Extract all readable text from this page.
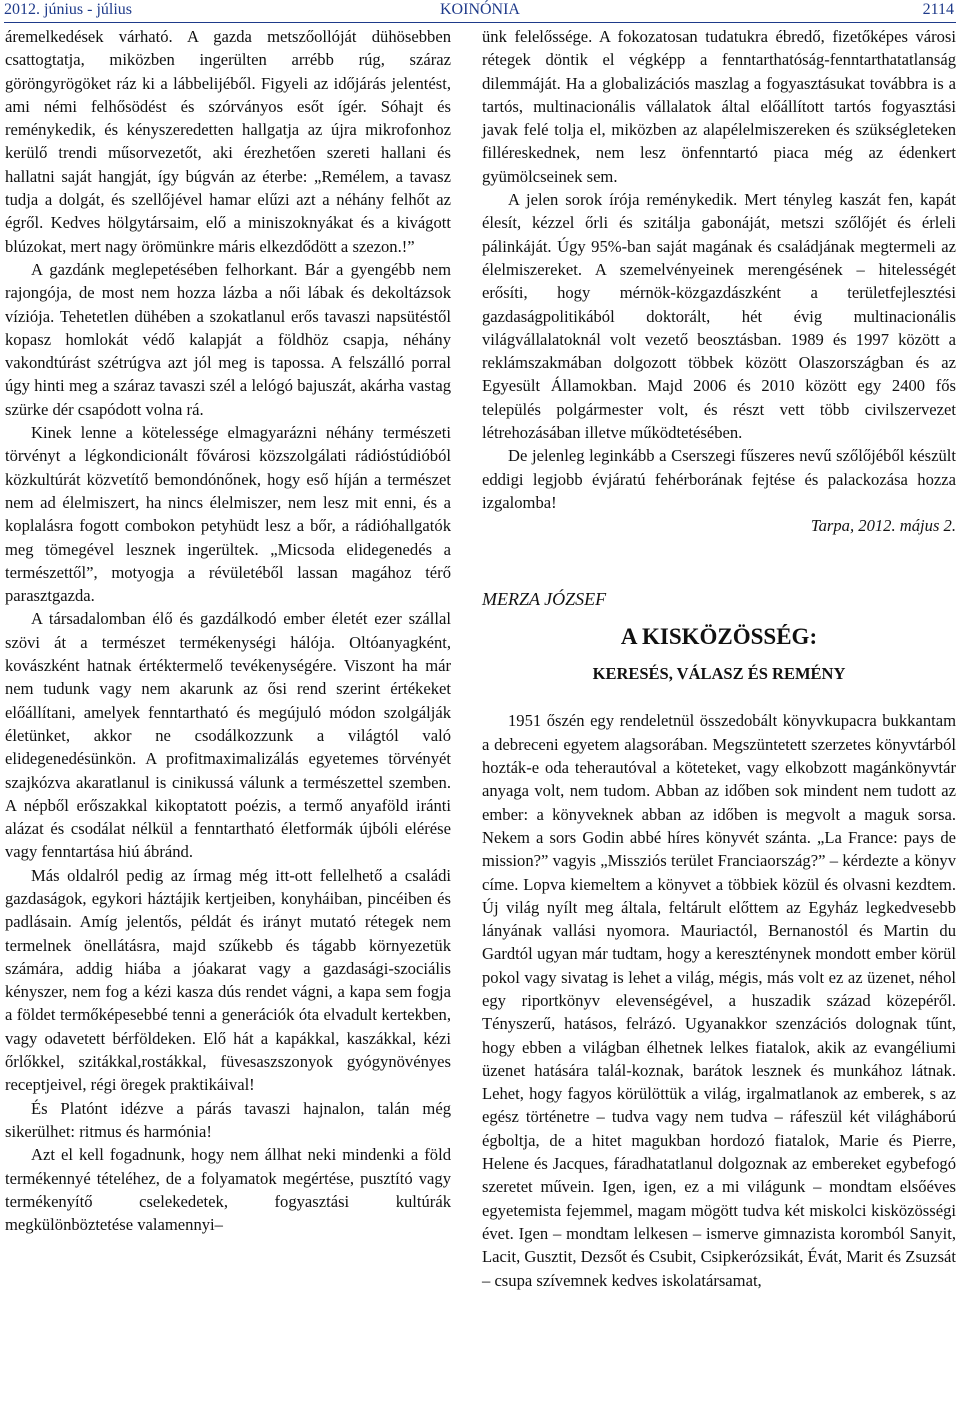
2012. június - július	KOINÓNIA	2114

áremelkedések várható. A gazda metszőollóját dühösebben csattogtatja, miközben ingerülten arrébb rúg, száraz göröngyrögöket ráz ki a lábbelijéből. Figyeli az időjárás jelentést, ami némi felhősödést és szórványos esőt ígér. Sóhajt és reménykedik, és kényszeredetten hallgatja az újra mikrofonhoz kerülő trendi műsorvezetőt, aki érezhetően szereti hallani és hallatni saját hangját, így búgván az éterbe: „Remélem, a tavasz tudja a dolgát, és szellőjével hamar elűzi azt a néhány felhőt az égről. Kedves hölgytársaim, elő a miniszoknyákat és a kivágott blúzokat, mert nagy örömünkre máris elkezdődött a szezon.!”

A gazdánk meglepetésében felhorkant. Bár a gyengébb nem rajongója, de most nem hozza lázba a női lábak és dekoltázsok víziója. Tehetetlen dühében a szokatlanul erős tavaszi napsütéstől kopasz homlokát védő kalapját a földhöz csapja, néhány vakondtúrást szétrúgva azt jól meg is tapossa. A felszálló porral úgy hinti meg a száraz tavaszi szél a lelógó bajuszát, akárha vastag szürke dér csapódott volna rá.

Kinek lenne a kötelessége elmagyarázni néhány természeti törvényt a légkondicionált fővárosi közszolgálati rádióstúdióból közkultúrát közvetítő bemondónőnek, hogy eső híján a természet nem ad élelmiszert, ha nincs élelmiszer, nem lesz mit enni, és a koplalásra fogott combokon petyhüdt lesz a bőr, a rádióhallgatók meg tömegével lesznek ingerültek. „Micsoda elidegenedés a természettől”, motyogja a révületéből lassan magához térő parasztgazda.

A társadalomban élő és gazdálkodó ember életét ezer szállal szövi át a természet termékenységi hálója. Oltóanyagként, kovászként hatnak értéktermelő tevékenységére. Viszont ha már nem tudunk vagy nem akarunk az ősi rend szerint értékeket előállítani, amelyek fenntartható és megújuló módon szolgálják életünket, akkor ne csodálkozzunk a világtól való elidegenedésünkön. A profitmaximalizálás egyetemes törvényét szajkózva akaratlanul is cinikussá válunk a természettel szemben. A népből erőszakkal kikoptatott poézis, a termő anyaföld iránti alázat és csodálat nélkül a fenntartható életformák újbóli elérése vagy fenntartása hiú ábránd.

Más oldalról pedig az írmag még itt-ott fellelhető a családi gazdaságok, egykori háztájik kertjeiben, konyháiban, pincéiben és padlásain. Amíg jelentős, példát és irányt mutató rétegek nem termelnek önellátásra, majd szűkebb és tágabb környezetük számára, addig hiába a jóakarat vagy a gazdasági-szociális kényszer, nem fog a kézi kasza dús rendet vágni, a kapa sem fogja a földet termőképesebbé tenni a generációk óta elvadult kertekben, vagy odavetett bérföldeken. Elő hát a kapákkal, kaszákkal, kézi őrlőkkel, szitákkal,rostákkal, füvesaszszonyok gyógynövényes receptjeivel, régi öregek praktikáival!

És Platónt idézve a párás tavaszi hajnalon, talán még sikerülhet: ritmus és harmónia!

Azt el kell fogadnunk, hogy nem állhat neki mindenki a föld termékennyé tételéhez, de a folyamatok megértése, pusztító vagy termékenyítő cselekedetek, fogyasztási kultúrák megkülönböztetése valamennyi–

ünk felelőssége. A fokozatosan tudatukra ébredő, fizetőképes városi rétegek döntik el végképp a fenntarthatóság-fenntarthatatlanság dilemmáját. Ha a globalizációs maszlag a fogyasztásukat továbbra is a tartós, multinacionális vállalatok által előállított tartós fogyasztási javak felé tolja el, miközben az alapélelmiszereken és szükségleteken filléreskednek, nem lesz önfenntartó piaca még az édenkert gyümölcseinek sem.

A jelen sorok írója reménykedik. Mert tényleg kaszát fen, kapát élesít, kézzel őrli és szitálja gabonáját, metszi szőlőjét és érleli pálinkáját. Úgy 95%-ban saját magának és családjának megtermeli az élelmiszereket. A szemelvényeinek merengésének – hitelességét erősíti, hogy mérnök-közgazdászként a területfejlesztési gazdaságpolitikából doktorált, hét évig multinacionális világvállalatoknál volt vezető beosztásban. 1989 és 1997 között a reklámszakmában dolgozott többek között Olaszországban és az Egyesült Államokban. Majd 2006 és 2010 között egy 2400 fős település polgármester volt, és részt vett több civilszervezet létrehozásában illetve működtetésében.

De jelenleg leginkább a Cserszegi fűszeres nevű szőlőjéből készült eddigi legjobb évjáratú fehérborának fejtése és palackozása hozza izgalomba!

Tarpa, 2012. május 2.

MERZA JÓZSEF
A KISKÖZÖSSÉG:
KERESÉS, VÁLASZ ÉS REMÉNY

1951 őszén egy rendeletnül összedobált könyvkupacra bukkantam a debreceni egyetem alagsorában. Megszüntetett szerzetes könyvtárból hozták-e oda teherautóval a köteteket, vagy elkobzott magánkönyvtár anyaga volt, nem tudom. Abban az időben sok mindent nem tudott az ember: a könyveknek abban az időben is megvolt a maguk sorsa. Nekem a sors Godin abbé híres könyvét szánta. „La France: pays de mission?” vagyis „Missziós terület Franciaország?” – kérdezte a könyv címe. Lopva kiemeltem a könyvet a többiek közül és olvasni kezdtem. Új világ nyílt meg általa, feltárult előttem az Egyház legkedvesebb lányának vallási nyomora. Mauriactól, Bernanostól és Martin du Gardtól ugyan már tudtam, hogy a kereszténynek mondott ember körül pokol vagy sivatag is lehet a világ, mégis, más volt ez az üzenet, néhol egy riportkönyv elevenségével, a huszadik század közepéről. Tényszerű, hatásos, felrázó. Ugyanakkor szenzációs dolognak tűnt, hogy ebben a világban élhetnek lelkes fiatalok, akik az evangéliumi üzenet hatására talál-koznak, barátok lesznek és munkához látnak. Lehet, hogy fagyos körülöttük a világ, irgalmatlanok az emberek, s az egész történetre – tudva vagy nem tudva – ráfeszül két világháború égboltja, de a hitet magukban hordozó fiatalok, Marie és Pierre, Helene és Jacques, fáradhatatlanul dolgoznak az embereket egybefogó szeretet művein. Igen, igen, ez a mi világunk – mondtam elsőéves egyetemista fejemmel, magam mögött tudva két miskolci kisközösségi évet. Igen – mondtam lelkesen – ismerve gimnazista koromból Sanyit, Lacit, Gusztit, Dezsőt és Csubit, Csipkerózsikát, Évát, Marit és Zsuzsát – csupa szívemnek kedves iskolatársamat,
